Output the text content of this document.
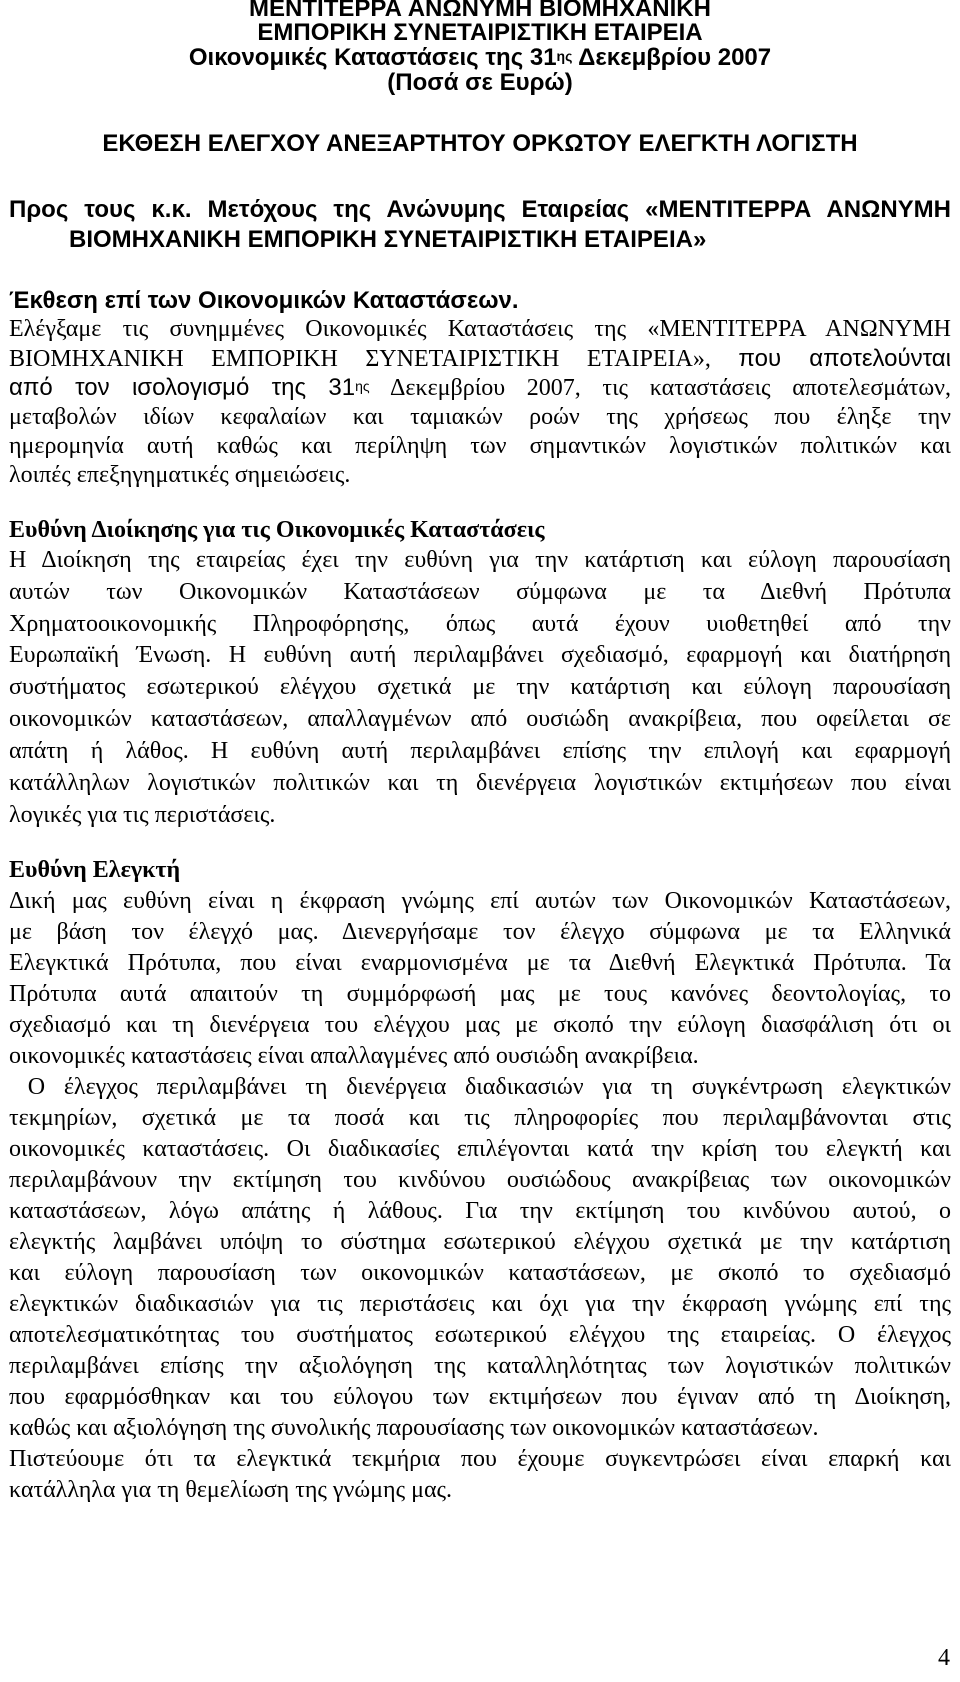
ΜΕΝΤΙΤΕΡΡΑ ΑΝΩΝΥΜΗ ΒΙΟΜΗΧΑΝΙΚΗ
ΕΜΠΟΡΙΚΗ ΣΥΝΕΤΑΙΡΙΣΤΙΚΗ ΕΤΑΙΡΕΙΑ
Οικονομικές Καταστάσεις της $31^{\eta\varsigma}$ Δεκεμβρίου 2007
(Ποσά σε Ευρώ)
ΕΚΘΕΣΗ ΕΛΕΓΧΟΥ ΑΝΕΞΑΡΤΗΤΟΥ ΟΡΚΩΤΟΥ ΕΛΕΓΚΤΗ ΛΟΓΙΣΤΗ
Προς τους κ.κ. Μετόχους της Ανώνυμης Εταιρείας «ΜΕΝΤΙΤΕΡΡΑ ΑΝΩΝΥΜΗ
ΒΙΟΜΗΧΑΝΙΚΗ ΕΜΠΟΡΙΚΗ ΣΥΝΕΤΑΙΡΙΣΤΙΚΗ ΕΤΑΙΡΕΙΑ»
Έκθεση επί των Οικονομικών Καταστάσεων.
Ελέγξαμε τις συνημμένες Οικονομικές Καταστάσεις της «ΜΕΝΤΙΤΕΡΡΑ ΑΝΩΝΥΜΗ
ΒΙΟΜΗΧΑΝΙΚΗ ΕΜΠΟΡΙΚΗ ΣΥΝΕΤΑΙΡΙΣΤΙΚΗ ΕΤΑΙΡΕΙΑ», που αποτελούνται
από τον ισολογισμό της $31^{\eta\varsigma}$ Δεκεμβρίου 2007, τις καταστάσεις αποτελεσμάτων,
μεταβολών ιδίων κεφαλαίων και ταμιακών ροών της χρήσεως που έληξε την
ημερομηνία αυτή καθώς και περίληψη των σημαντικών λογιστικών πολιτικών και
λοιπές επεξηγηματικές σημειώσεις.
Ευθύνη Διοίκησης για τις Οικονομικές Καταστάσεις
Η Διοίκηση της εταιρείας έχει την ευθύνη για την κατάρτιση και εύλογη παρουσίαση
αυτών των Οικονομικών Καταστάσεων σύμφωνα με τα Διεθνή Πρότυπα
Χρηματοοικονομικής Πληροφόρησης, όπως αυτά έχουν υιοθετηθεί από την
Ευρωπαϊκή Ένωση. Η ευθύνη αυτή περιλαμβάνει σχεδιασμό, εφαρμογή και διατήρηση
συστήματος εσωτερικού ελέγχου σχετικά με την κατάρτιση και εύλογη παρουσίαση
οικονομικών καταστάσεων, απαλλαγμένων από ουσιώδη ανακρίβεια, που οφείλεται σε
απάτη ή λάθος. Η ευθύνη αυτή περιλαμβάνει επίσης την επιλογή και εφαρμογή
κατάλληλων λογιστικών πολιτικών και τη διενέργεια λογιστικών εκτιμήσεων που είναι
λογικές για τις περιστάσεις.
Ευθύνη Ελεγκτή
Δική μας ευθύνη είναι η έκφραση γνώμης επί αυτών των Οικονομικών Καταστάσεων,
με βάση τον έλεγχό μας. Διενεργήσαμε τον έλεγχο σύμφωνα με τα Ελληνικά
Ελεγκτικά Πρότυπα, που είναι εναρμονισμένα με τα Διεθνή Ελεγκτικά Πρότυπα. Τα
Πρότυπα αυτά απαιτούν τη συμμόρφωσή μας με τους κανόνες δεοντολογίας, το
σχεδιασμό και τη διενέργεια του ελέγχου μας με σκοπό την εύλογη διασφάλιση ότι οι
οικονομικές καταστάσεις είναι απαλλαγμένες από ουσιώδη ανακρίβεια.
Ο έλεγχος περιλαμβάνει τη διενέργεια διαδικασιών για τη συγκέντρωση ελεγκτικών
τεκμηρίων, σχετικά με τα ποσά και τις πληροφορίες που περιλαμβάνονται στις
οικονομικές καταστάσεις. Οι διαδικασίες επιλέγονται κατά την κρίση του ελεγκτή και
περιλαμβάνουν την εκτίμηση του κινδύνου ουσιώδους ανακρίβειας των οικονομικών
καταστάσεων, λόγω απάτης ή λάθους. Για την εκτίμηση του κινδύνου αυτού, ο
ελεγκτής λαμβάνει υπόψη το σύστημα εσωτερικού ελέγχου σχετικά με την κατάρτιση
και εύλογη παρουσίαση των οικονομικών καταστάσεων, με σκοπό το σχεδιασμό
ελεγκτικών διαδικασιών για τις περιστάσεις και όχι για την έκφραση γνώμης επί της
αποτελεσματικότητας του συστήματος εσωτερικού ελέγχου της εταιρείας. Ο έλεγχος
περιλαμβάνει επίσης την αξιολόγηση της καταλληλότητας των λογιστικών πολιτικών
που εφαρμόσθηκαν και του εύλογου των εκτιμήσεων που έγιναν από τη Διοίκηση,
καθώς και αξιολόγηση της συνολικής παρουσίασης των οικονομικών καταστάσεων.
Πιστεύουμε ότι τα ελεγκτικά τεκμήρια που έχουμε συγκεντρώσει είναι επαρκή και
κατάλληλα για τη θεμελίωση της γνώμης μας.
4
